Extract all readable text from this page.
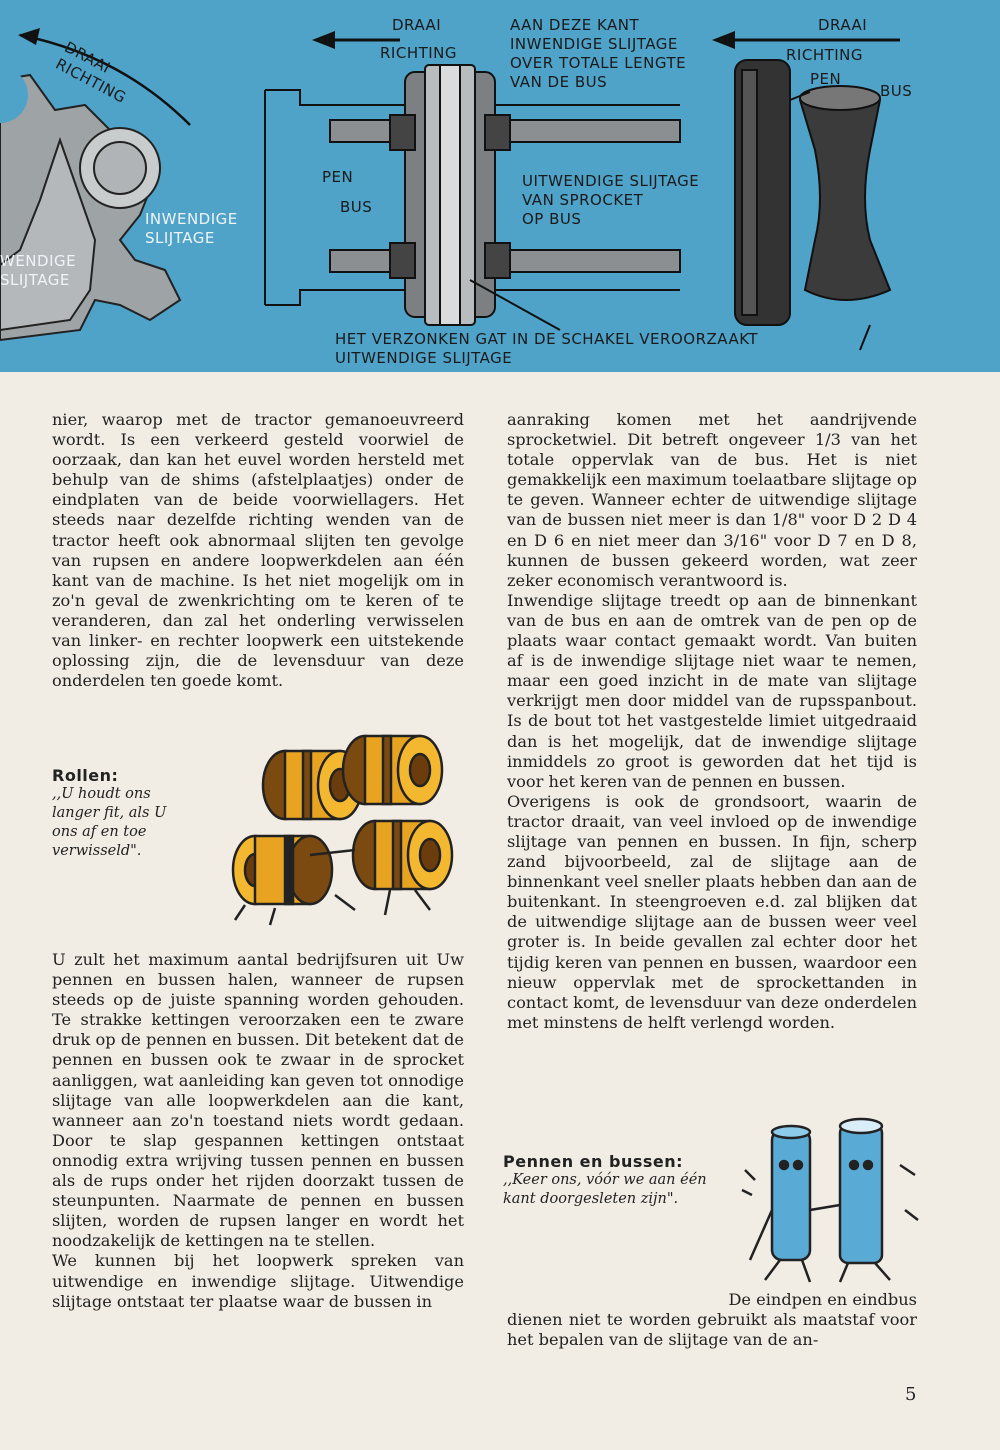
DRAAI
RICHTING
INWENDIGE
SLIJTAGE
WENDIGE
SLIJTAGE
DRAAI
RICHTING
AAN DEZE KANT
INWENDIGE SLIJTAGE
OVER TOTALE LENGTE
VAN DE BUS
PEN
BUS
UITWENDIGE SLIJTAGE
VAN SPROCKET
OP BUS
HET VERZONKEN GAT IN DE SCHAKEL VEROORZAAKT
UITWENDIGE SLIJTAGE
DRAAI
RICHTING
PEN
BUS

nier, waarop met de tractor gemanoeuvreerd wordt. Is een verkeerd gesteld voorwiel de oorzaak, dan kan het euvel worden hersteld met behulp van de shims (afstelplaatjes) onder de eindplaten van de beide voorwiellagers. Het steeds naar dezelfde richting wenden van de tractor heeft ook abnormaal slijten ten gevolge van rupsen en andere loopwerkdelen aan één kant van de machine. Is het niet mogelijk om in zo'n geval de zwenkrichting om te keren of te veranderen, dan zal het onderling verwisselen van linker- en rechter loopwerk een uitstekende oplossing zijn, die de levensduur van deze onderdelen ten goede komt.

Rollen:
,,U houdt ons langer fit, als U ons af en toe verwisseld".

U zult het maximum aantal bedrijfsuren uit Uw pennen en bussen halen, wanneer de rupsen steeds op de juiste spanning worden gehouden. Te strakke kettingen veroorzaken een te zware druk op de pennen en bussen. Dit betekent dat de pennen en bussen ook te zwaar in de sprocket aanliggen, wat aanleiding kan geven tot onnodige slijtage van alle loopwerkdelen aan die kant, wanneer aan zo'n toestand niets wordt gedaan. Door te slap gespannen kettingen ontstaat onnodig extra wrijving tussen pennen en bussen als de rups onder het rijden doorzakt tussen de steunpunten. Naarmate de pennen en bussen slijten, worden de rupsen langer en wordt het noodzakelijk de kettingen na te stellen.

We kunnen bij het loopwerk spreken van uitwendige en inwendige slijtage. Uitwendige slijtage ontstaat ter plaatse waar de bussen in

aanraking komen met het aandrijvende sprocketwiel. Dit betreft ongeveer 1/3 van het totale oppervlak van de bus. Het is niet gemakkelijk een maximum toelaatbare slijtage op te geven. Wanneer echter de uitwendige slijtage van de bussen niet meer is dan 1/8" voor D 2 D 4 en D 6 en niet meer dan 3/16" voor D 7 en D 8, kunnen de bussen gekeerd worden, wat zeer zeker economisch verantwoord is.

Inwendige slijtage treedt op aan de binnenkant van de bus en aan de omtrek van de pen op de plaats waar contact gemaakt wordt. Van buiten af is de inwendige slijtage niet waar te nemen, maar een goed inzicht in de mate van slijtage verkrijgt men door middel van de rupsspanbout. Is de bout tot het vastgestelde limiet uitgedraaid dan is het mogelijk, dat de inwendige slijtage inmiddels zo groot is geworden dat het tijd is voor het keren van de pennen en bussen.

Overigens is ook de grondsoort, waarin de tractor draait, van veel invloed op de inwendige slijtage van pennen en bussen. In fijn, scherp zand bijvoorbeeld, zal de slijtage aan de binnenkant veel sneller plaats hebben dan aan de buitenkant. In steengroeven e.d. zal blijken dat de uitwendige slijtage aan de bussen weer veel groter is. In beide gevallen zal echter door het tijdig keren van pennen en bussen, waardoor een nieuw oppervlak met de sprockettanden in contact komt, de levensduur van deze onderdelen met minstens de helft verlengd worden.

Pennen en bussen:
,,Keer ons, vóór we aan één kant doorgesleten zijn".

De eindpen en eindbus

dienen niet te worden gebruikt als maatstaf voor het bepalen van de slijtage van de an-

5
